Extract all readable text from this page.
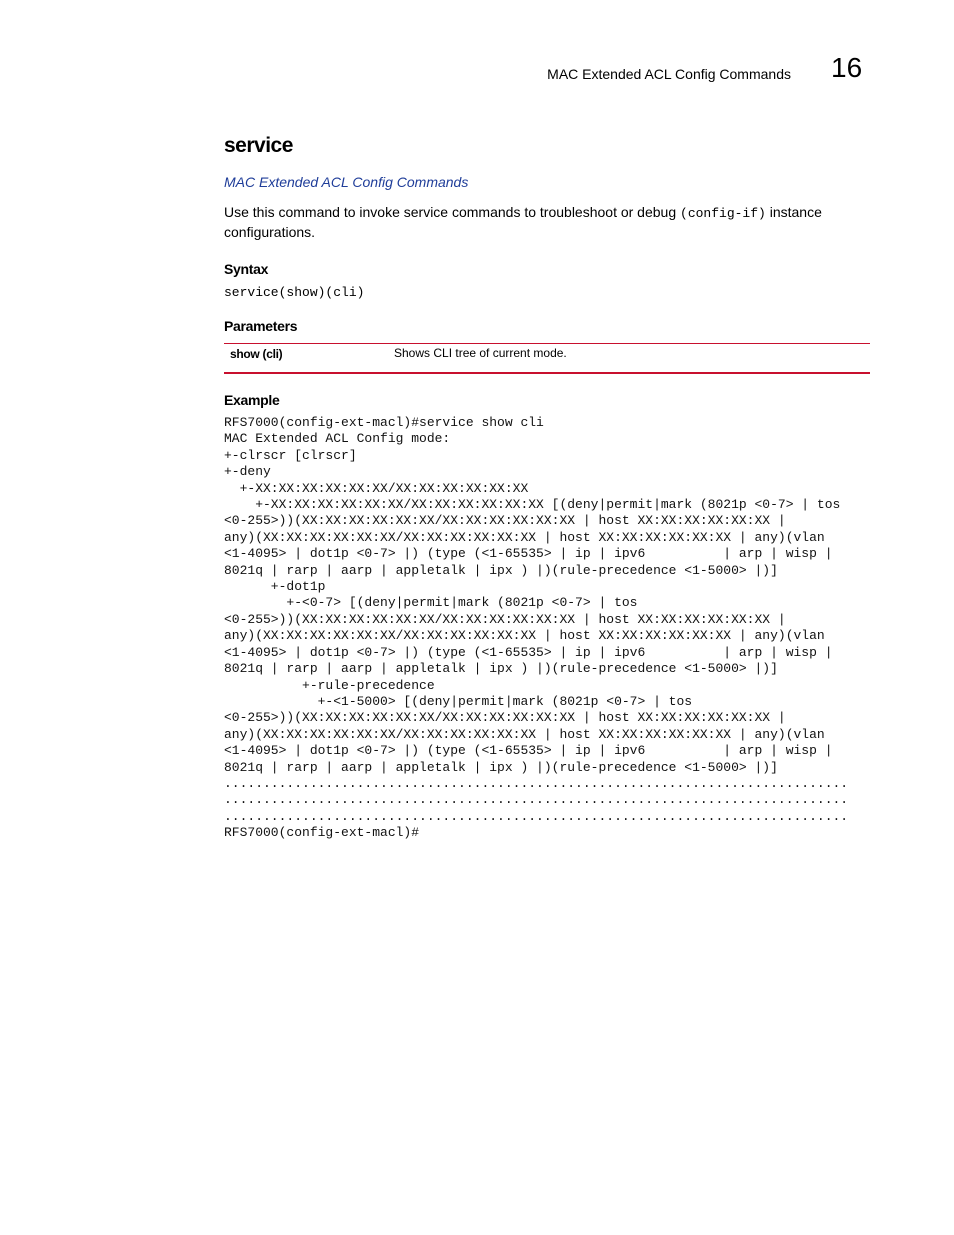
MAC Extended ACL Config Commands 16
service
MAC Extended ACL Config Commands
Use this command to invoke service commands to troubleshoot or debug (config-if) instance configurations.
Syntax
service(show)(cli)
Parameters
show (cli)	Shows CLI tree of current mode.
Example
RFS7000(config-ext-macl)#service show cli
MAC Extended ACL Config mode:
+-clrscr [clrscr]
+-deny
+-XX:XX:XX:XX:XX:XX/XX:XX:XX:XX:XX:XX
+-XX:XX:XX:XX:XX:XX/XX:XX:XX:XX:XX:XX [(deny|permit|mark (8021p <0-7> | tos
<0-255>))(XX:XX:XX:XX:XX:XX/XX:XX:XX:XX:XX:XX | host XX:XX:XX:XX:XX:XX |
any)(XX:XX:XX:XX:XX:XX/XX:XX:XX:XX:XX:XX | host XX:XX:XX:XX:XX:XX | any)(vlan
<1-4095> | dot1p <0-7> |) (type (<1-65535> | ip | ipv6          | arp | wisp |
8021q | rarp | aarp | appletalk | ipx ) |)(rule-precedence <1-5000> |)]
+-dot1p
+-<0-7> [(deny|permit|mark (8021p <0-7> | tos
<0-255>))(XX:XX:XX:XX:XX:XX/XX:XX:XX:XX:XX:XX | host XX:XX:XX:XX:XX:XX |
any)(XX:XX:XX:XX:XX:XX/XX:XX:XX:XX:XX:XX | host XX:XX:XX:XX:XX:XX | any)(vlan
<1-4095> | dot1p <0-7> |) (type (<1-65535> | ip | ipv6          | arp | wisp |
8021q | rarp | aarp | appletalk | ipx ) |)(rule-precedence <1-5000> |)]
+-rule-precedence
+-<1-5000> [(deny|permit|mark (8021p <0-7> | tos
<0-255>))(XX:XX:XX:XX:XX:XX/XX:XX:XX:XX:XX:XX | host XX:XX:XX:XX:XX:XX |
any)(XX:XX:XX:XX:XX:XX/XX:XX:XX:XX:XX:XX | host XX:XX:XX:XX:XX:XX | any)(vlan
<1-4095> | dot1p <0-7> |) (type (<1-65535> | ip | ipv6          | arp | wisp |
8021q | rarp | aarp | appletalk | ipx ) |)(rule-precedence <1-5000> |)]
................................................................................
................................................................................
................................................................................
RFS7000(config-ext-macl)#
